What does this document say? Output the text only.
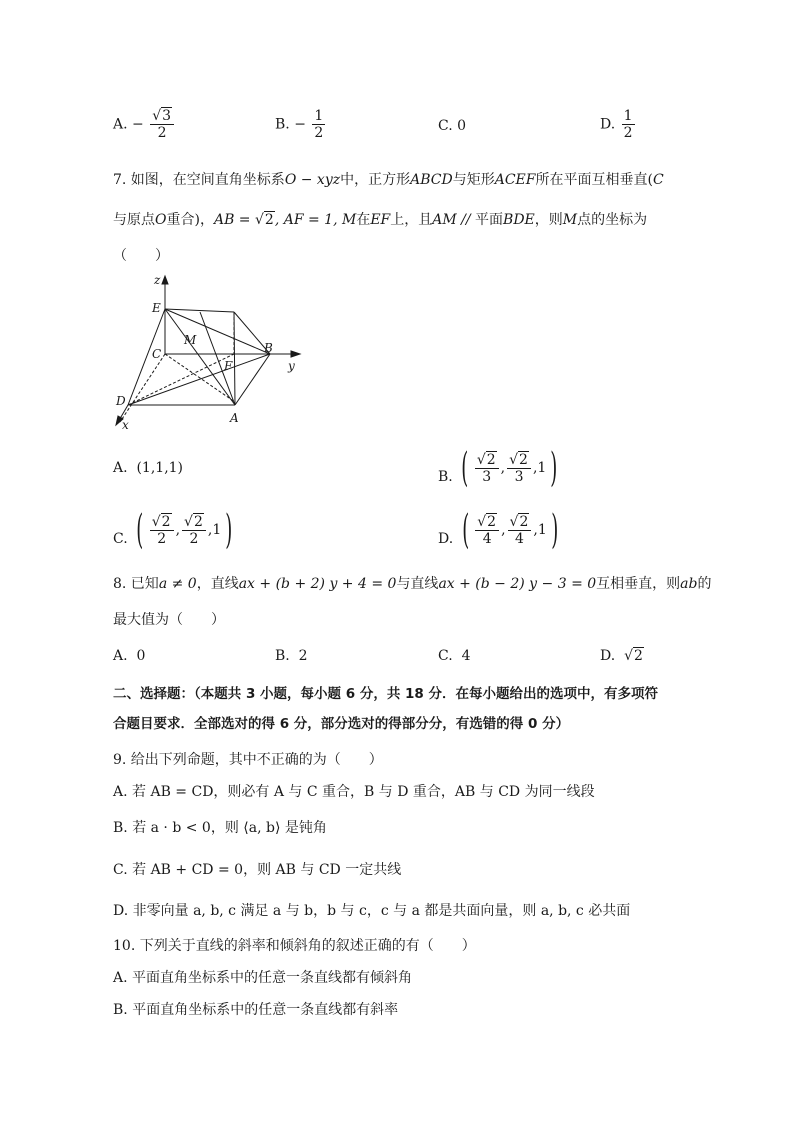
A. − $\frac{√3}{2}$	B. − $\frac{1}{2}$	C. 0	D. $\frac{1}{2}$
7. 如图，在空间直角坐标系O − xyz中，正方形ABCD与矩形ACEF所在平面互相垂直(C
与原点O重合)，AB = √2, AF = 1, M在EF上，且AM // 平面BDE，则M点的坐标为
（　　）
z
E
M
C
F
B
y
D
A
x
A. (1,1,1)
B. ( $\frac{√2}{3}$ , $\frac{√2}{3}$ , 1 )
C. ( $\frac{√2}{2}$ , $\frac{√2}{2}$ , 1 )	D. ( $\frac{√2}{4}$ , $\frac{√2}{4}$ , 1 )
8. 已知a ≠ 0，直线ax + (b + 2) y + 4 = 0与直线ax + (b − 2) y − 3 = 0互相垂直，则ab的
最大值为（　　）
A. 0	B. 2	C. 4	D. √2
二、选择题：（本题共 3 小题，每小题 6 分，共 18 分．在每小题给出的选项中，有多项符
合题目要求．全部选对的得 6 分，部分选对的得部分分，有选错的得 0 分）
9. 给出下列命题，其中不正确的为（　　）
A. 若 AB = CD，则必有 A 与 C 重合，B 与 D 重合，AB 与 CD 为同一线段
B. 若 a · b < 0，则 ⟨a, b⟩ 是钝角
C. 若 AB + CD = 0，则 AB 与 CD 一定共线
D. 非零向量 a, b, c 满足 a 与 b，b 与 c，c 与 a 都是共面向量，则 a, b, c 必共面
10. 下列关于直线的斜率和倾斜角的叙述正确的有（　　）
A. 平面直角坐标系中的任意一条直线都有倾斜角
B. 平面直角坐标系中的任意一条直线都有斜率
